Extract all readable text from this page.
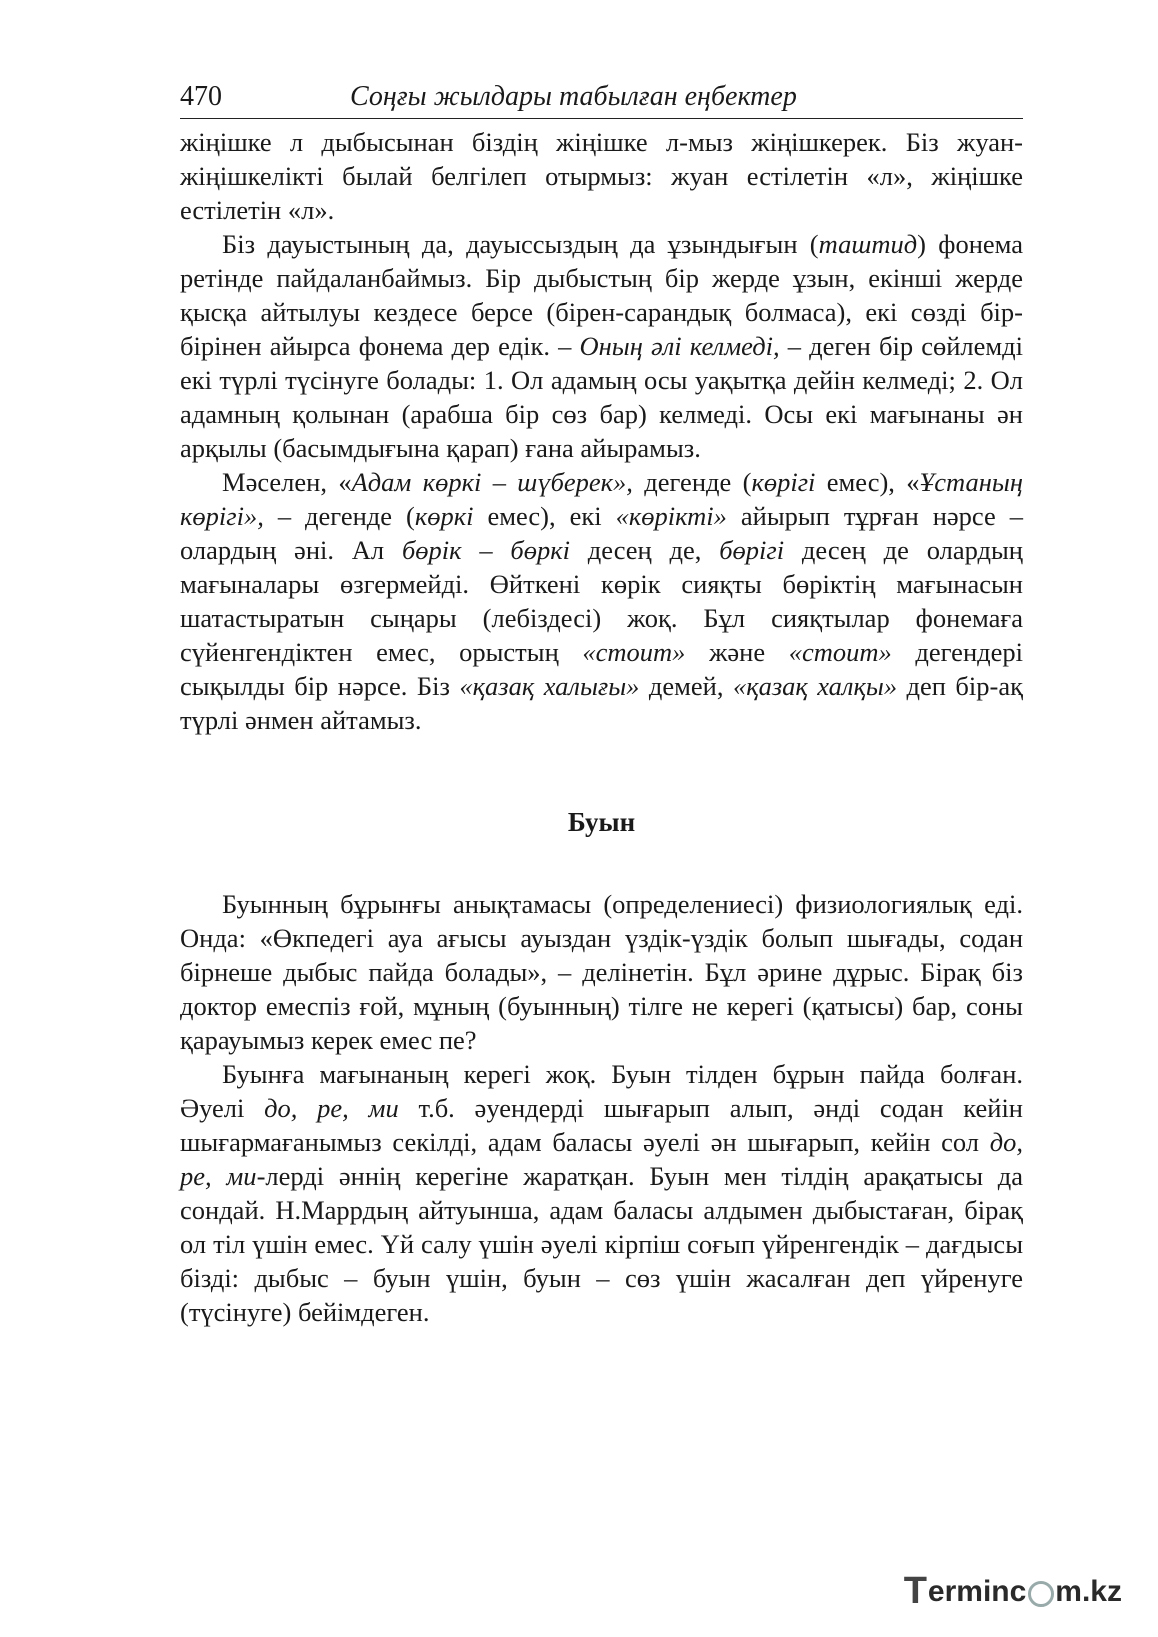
470	Соңғы жылдары табылған еңбектер

жіңішке л дыбысынан біздің жіңішке л-мыз жіңішкерек. Біз жуан-жіңішкелікті былай белгілеп отырмыз: жуан естілетін «л», жіңішке естілетін «л».

Біз дауыстының да, дауыссыздың да ұзындығын (таштид) фонема ретінде пайдаланбаймыз. Бір дыбыстың бір жерде ұзын, екінші жерде қысқа айтылуы кездесе берсе (бірен-сарандық болмаса), екі сөзді бір-бірінен айырса фонема дер едік. – Оның әлі келмеді, – деген бір сөйлемді екі түрлі түсінуге болады: 1. Ол адамың осы уақытқа дейін келмеді; 2. Ол адамның қолынан (арабша бір сөз бар) келмеді. Осы екі мағынаны ән арқылы (басымдығына қарап) ғана айырамыз.

Мәселен, «Адам көркі – шүберек», дегенде (көрігі емес), «Ұстаның көрігі», – дегенде (көркі емес), екі «көрікті» айырып тұрған нәрсе – олардың әні. Ал бөрік – бөркі десең де, бөрігі десең де олардың мағыналары өзгермейді. Өйткені көрік сияқты бөріктің мағынасын шатастыратын сыңары (лебіздесі) жоқ. Бұл сияқтылар фонемаға сүйенгендіктен емес, орыстың «стоит» және «стоит» дегендері сықылды бір нәрсе. Біз «қазақ халығы» демей, «қазақ халқы» деп бір-ақ түрлі әнмен айтамыз.

Буын

Буынның бұрынғы анықтамасы (определениесі) физиологиялық еді. Онда: «Өкпедегі ауа ағысы ауыздан үздік-үздік болып шығады, содан бірнеше дыбыс пайда болады», – делінетін. Бұл әрине дұрыс. Бірақ біз доктор емеспіз ғой, мұның (буынның) тілге не керегі (қатысы) бар, соны қарауымыз керек емес пе?

Буынға мағынаның керегі жоқ. Буын тілден бұрын пайда болған. Әуелі до, ре, ми т.б. әуендерді шығарып алып, әнді содан кейін шығармағанымыз секілді, адам баласы әуелі ән шығарып, кейін сол до, ре, ми-лерді әннің керегіне жаратқан. Буын мен тілдің арақатысы да сондай. Н.Маррдың айтуынша, адам баласы алдымен дыбыстаған, бірақ ол тіл үшін емес. Үй салу үшін әуелі кірпіш соғып үйренгендік – дағдысы бізді: дыбыс – буын үшін, буын – сөз үшін жасалған деп үйренуге (түсінуге) бейімдеген.

T erminc m.kz
